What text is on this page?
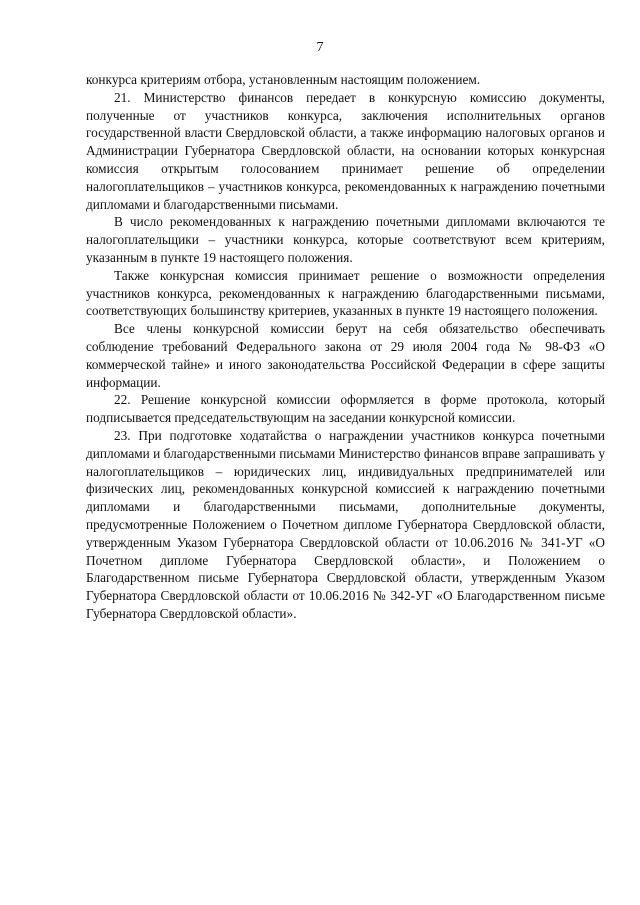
7

конкурса критериям отбора, установленным настоящим положением.

21. Министерство финансов передает в конкурсную комиссию документы, полученные от участников конкурса, заключения исполнительных органов государственной власти Свердловской области, а также информацию налоговых органов и Администрации Губернатора Свердловской области, на основании которых конкурсная комиссия открытым голосованием принимает решение об определении налогоплательщиков – участников конкурса, рекомендованных к награждению почетными дипломами и благодарственными письмами.

В число рекомендованных к награждению почетными дипломами включаются те налогоплательщики – участники конкурса, которые соответствуют всем критериям, указанным в пункте 19 настоящего положения.

Также конкурсная комиссия принимает решение о возможности определения участников конкурса, рекомендованных к награждению благодарственными письмами, соответствующих большинству критериев, указанных в пункте 19 настоящего положения.

Все члены конкурсной комиссии берут на себя обязательство обеспечивать соблюдение требований Федерального закона от 29 июля 2004 года № 98-ФЗ «О коммерческой тайне» и иного законодательства Российской Федерации в сфере защиты информации.

22. Решение конкурсной комиссии оформляется в форме протокола, который подписывается председательствующим на заседании конкурсной комиссии.

23. При подготовке ходатайства о награждении участников конкурса почетными дипломами и благодарственными письмами Министерство финансов вправе запрашивать у налогоплательщиков – юридических лиц, индивидуальных предпринимателей или физических лиц, рекомендованных конкурсной комиссией к награждению почетными дипломами и благодарственными письмами, дополнительные документы, предусмотренные Положением о Почетном дипломе Губернатора Свердловской области, утвержденным Указом Губернатора Свердловской области от 10.06.2016 № 341-УГ «О Почетном дипломе Губернатора Свердловской области», и Положением о Благодарственном письме Губернатора Свердловской области, утвержденным Указом Губернатора Свердловской области от 10.06.2016 № 342-УГ «О Благодарственном письме Губернатора Свердловской области».
